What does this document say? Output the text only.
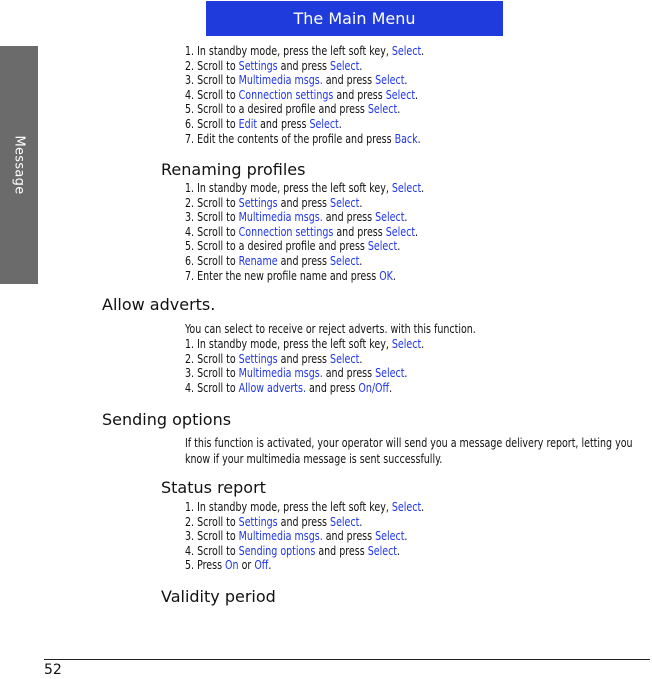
Message
The Main Menu
1. In standby mode, press the left soft key, Select.
2. Scroll to Settings and press Select.
3. Scroll to Multimedia msgs. and press Select.
4. Scroll to Connection settings and press Select.
5. Scroll to a desired profile and press Select.
6. Scroll to Edit and press Select.
7. Edit the contents of the profile and press Back.
Renaming profiles
1. In standby mode, press the left soft key, Select.
2. Scroll to Settings and press Select.
3. Scroll to Multimedia msgs. and press Select.
4. Scroll to Connection settings and press Select.
5. Scroll to a desired profile and press Select.
6. Scroll to Rename and press Select.
7. Enter the new profile name and press OK.
Allow adverts.

You can select to receive or reject adverts. with this function.

1. In standby mode, press the left soft key, Select.
2. Scroll to Settings and press Select.
3. Scroll to Multimedia msgs. and press Select.
4. Scroll to Allow adverts. and press On/Off.
Sending options

If this function is activated, your operator will send you a message delivery report, letting you know if your multimedia message is sent successfully.

Status report
1. In standby mode, press the left soft key, Select.
2. Scroll to Settings and press Select.
3. Scroll to Multimedia msgs. and press Select.
4. Scroll to Sending options and press Select.
5. Press On or Off.
Validity period
52
